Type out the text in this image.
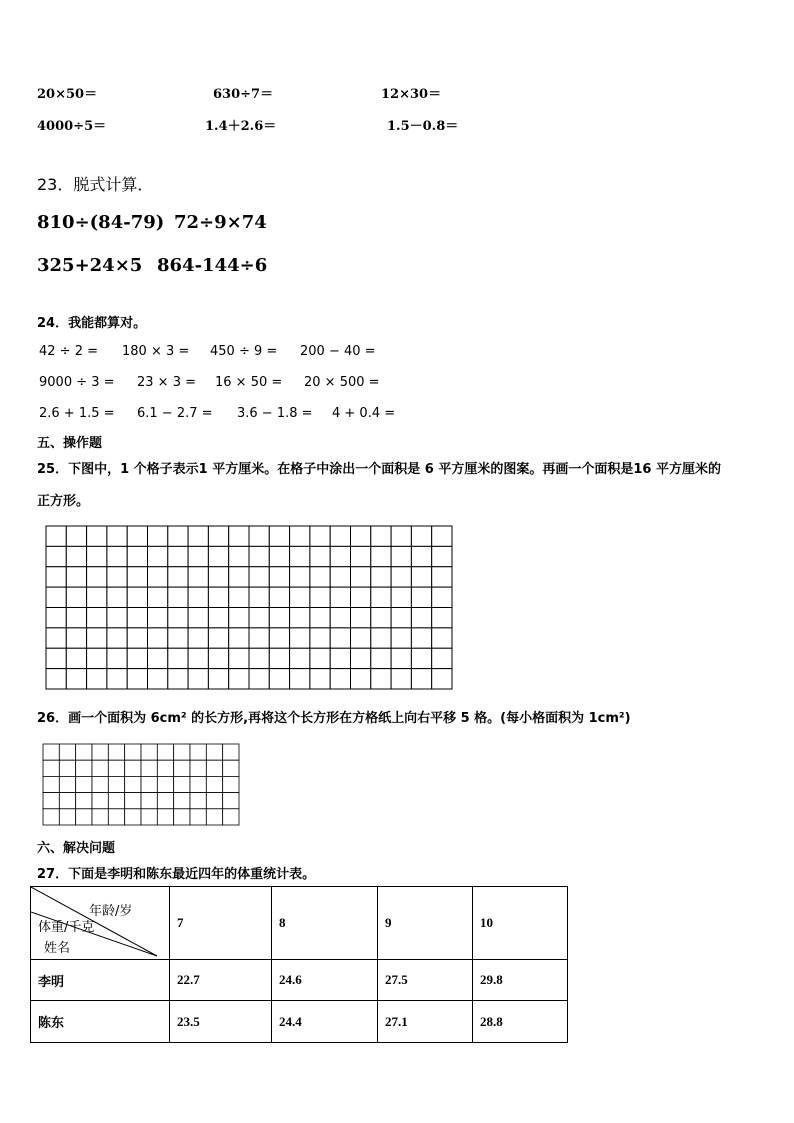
20×50＝	630÷7＝	12×30＝
4000÷5＝	1.4＋2.6＝	1.5－0.8＝
23．脱式计算．
810÷(84-79) 72÷9×74
325+24×5 864-144÷6
24．我能都算对。
42 ÷ 2 = 180 × 3 = 450 ÷ 9 = 200 − 40 =
9000 ÷ 3 = 23 × 3 = 16 × 50 = 20 × 500 =
2.6 + 1.5 = 6.1 − 2.7 = 3.6 − 1.8 = 4 + 0.4 =
五、操作题
25．下图中，1 个格子表示1 平方厘米。在格子中涂出一个面积是 6 平方厘米的图案。再画一个面积是16 平方厘米的
正方形。
26．画一个面积为 6cm² 的长方形,再将这个长方形在方格纸上向右平移 5 格。(每小格面积为 1cm²)
六、解决问题
27．下面是李明和陈东最近四年的体重统计表。
年龄/岁
体重/千克
姓名	7	8	9	10
李明	22.7	24.6	27.5	29.8
陈东	23.5	24.4	27.1	28.8
